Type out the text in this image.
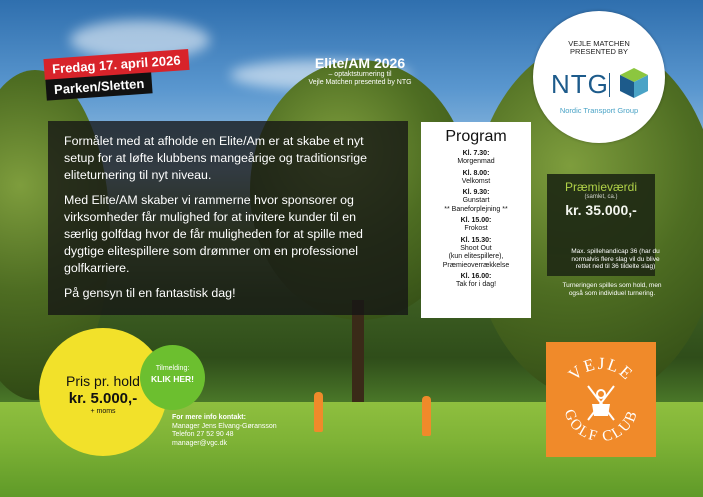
Fredag 17. april 2026
Parken/Sletten
Elite/AM 2026
– optaktsturnering til
Vejle Matchen presented by NTG

Formålet med at afholde en Elite/Am er at skabe et nyt setup for at løfte klubbens mangeårige og traditionsrige eliteturnering til nyt niveau.

Med Elite/AM skaber vi rammerne hvor sponsorer og virksomheder får mulighed for at invitere kunder til en særlig golfdag hvor de får muligheden for at spille med dygtige elitespillere som drømmer om en professionel golfkarriere.

På gensyn til en fantastisk dag!

Program
Kl. 7.30:
Morgenmad
Kl. 8.00:
Velkomst
Kl. 9.30:
Gunstart
** Baneforplejning **
Kl. 15.00:
Frokost
Kl. 15.30:
Shoot Out
(kun elitespillere),
Præmieoverrækkelse
Kl. 16.00:
Tak for i dag!
VEJLE MATCHEN
PRESENTED BY
NTG
Nordic Transport Group
Præmieværdi
(samlet, ca.)
kr. 35.000,-
Max. spillehandicap 36 (har du normalvis flere slag vil du blive rettet ned til 36 tildelte slag)
Turneringen spilles som hold, men også som individuel turnering.
Pris pr. hold
kr. 5.000,-
+ moms
Tilmelding:
KLIK HER!
For mere info kontakt:
Manager Jens Elvang-Gøransson
Telefon 27 52 90 48
manager@vgc.dk
VEJLE
GOLF CLUB
